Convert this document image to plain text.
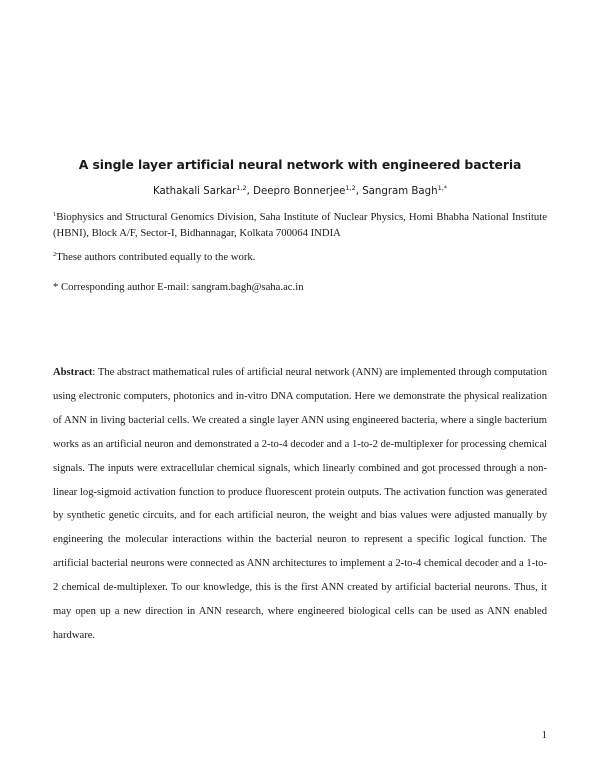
A single layer artificial neural network with engineered bacteria

Kathakali Sarkar$^{1,2}$, Deepro Bonnerjee$^{1,2}$, Sangram Bagh$^{1,*}$

$^1$Biophysics and Structural Genomics Division, Saha Institute of Nuclear Physics, Homi Bhabha National Institute (HBNI), Block A/F, Sector-I, Bidhannagar, Kolkata 700064 INDIA

$^2$These authors contributed equally to the work.

* Corresponding author E-mail: sangram.bagh@saha.ac.in

Abstract: The abstract mathematical rules of artificial neural network (ANN) are implemented through computation using electronic computers, photonics and in-vitro DNA computation. Here we demonstrate the physical realization of ANN in living bacterial cells. We created a single layer ANN using engineered bacteria, where a single bacterium works as an artificial neuron and demonstrated a 2-to-4 decoder and a 1-to-2 de-multiplexer for processing chemical signals. The inputs were extracellular chemical signals, which linearly combined and got processed through a non-linear log-sigmoid activation function to produce fluorescent protein outputs. The activation function was generated by synthetic genetic circuits, and for each artificial neuron, the weight and bias values were adjusted manually by engineering the molecular interactions within the bacterial neuron to represent a specific logical function. The artificial bacterial neurons were connected as ANN architectures to implement a 2-to-4 chemical decoder and a 1-to-2 chemical de-multiplexer. To our knowledge, this is the first ANN created by artificial bacterial neurons. Thus, it may open up a new direction in ANN research, where engineered biological cells can be used as ANN enabled hardware.

1
